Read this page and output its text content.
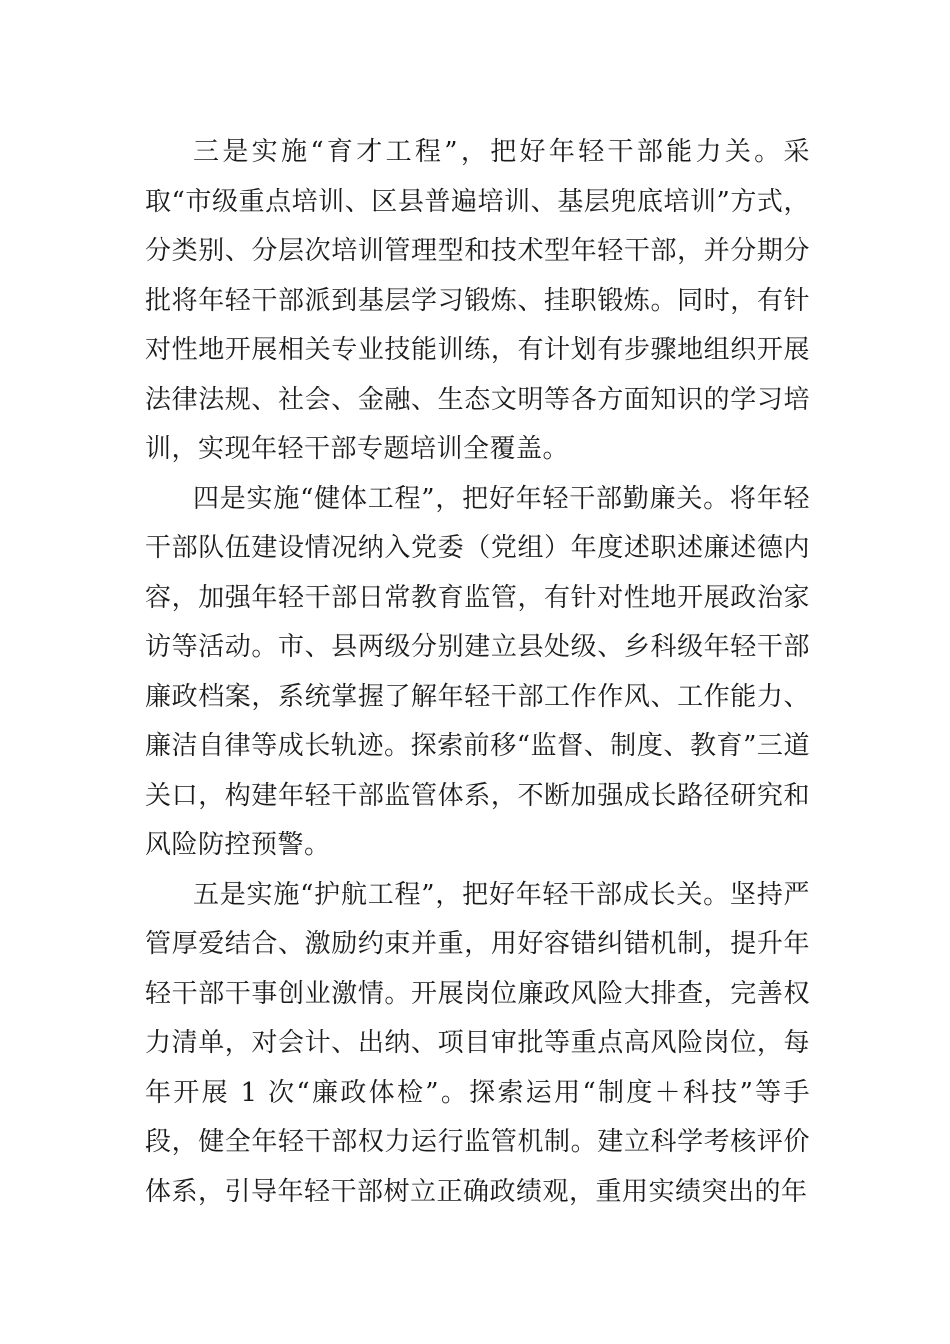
三是实施“育才工程”，把好年轻干部能力关。采取“市级重点培训、区县普遍培训、基层兜底培训”方式，分类别、分层次培训管理型和技术型年轻干部，并分期分批将年轻干部派到基层学习锻炼、挂职锻炼。同时，有针对性地开展相关专业技能训练，有计划有步骤地组织开展法律法规、社会、金融、生态文明等各方面知识的学习培训，实现年轻干部专题培训全覆盖。

四是实施“健体工程”，把好年轻干部勤廉关。将年轻干部队伍建设情况纳入党委（党组）年度述职述廉述德内容，加强年轻干部日常教育监管，有针对性地开展政治家访等活动。市、县两级分别建立县处级、乡科级年轻干部廉政档案，系统掌握了解年轻干部工作作风、工作能力、廉洁自律等成长轨迹。探索前移“监督、制度、教育”三道关口，构建年轻干部监管体系，不断加强成长路径研究和风险防控预警。

五是实施“护航工程”，把好年轻干部成长关。坚持严管厚爱结合、激励约束并重，用好容错纠错机制，提升年轻干部干事创业激情。开展岗位廉政风险大排查，完善权力清单，对会计、出纳、项目审批等重点高风险岗位，每年开展 1 次“廉政体检”。探索运用“制度＋科技”等手段，健全年轻干部权力运行监管机制。建立科学考核评价体系，引导年轻干部树立正确政绩观，重用实绩突出的年
